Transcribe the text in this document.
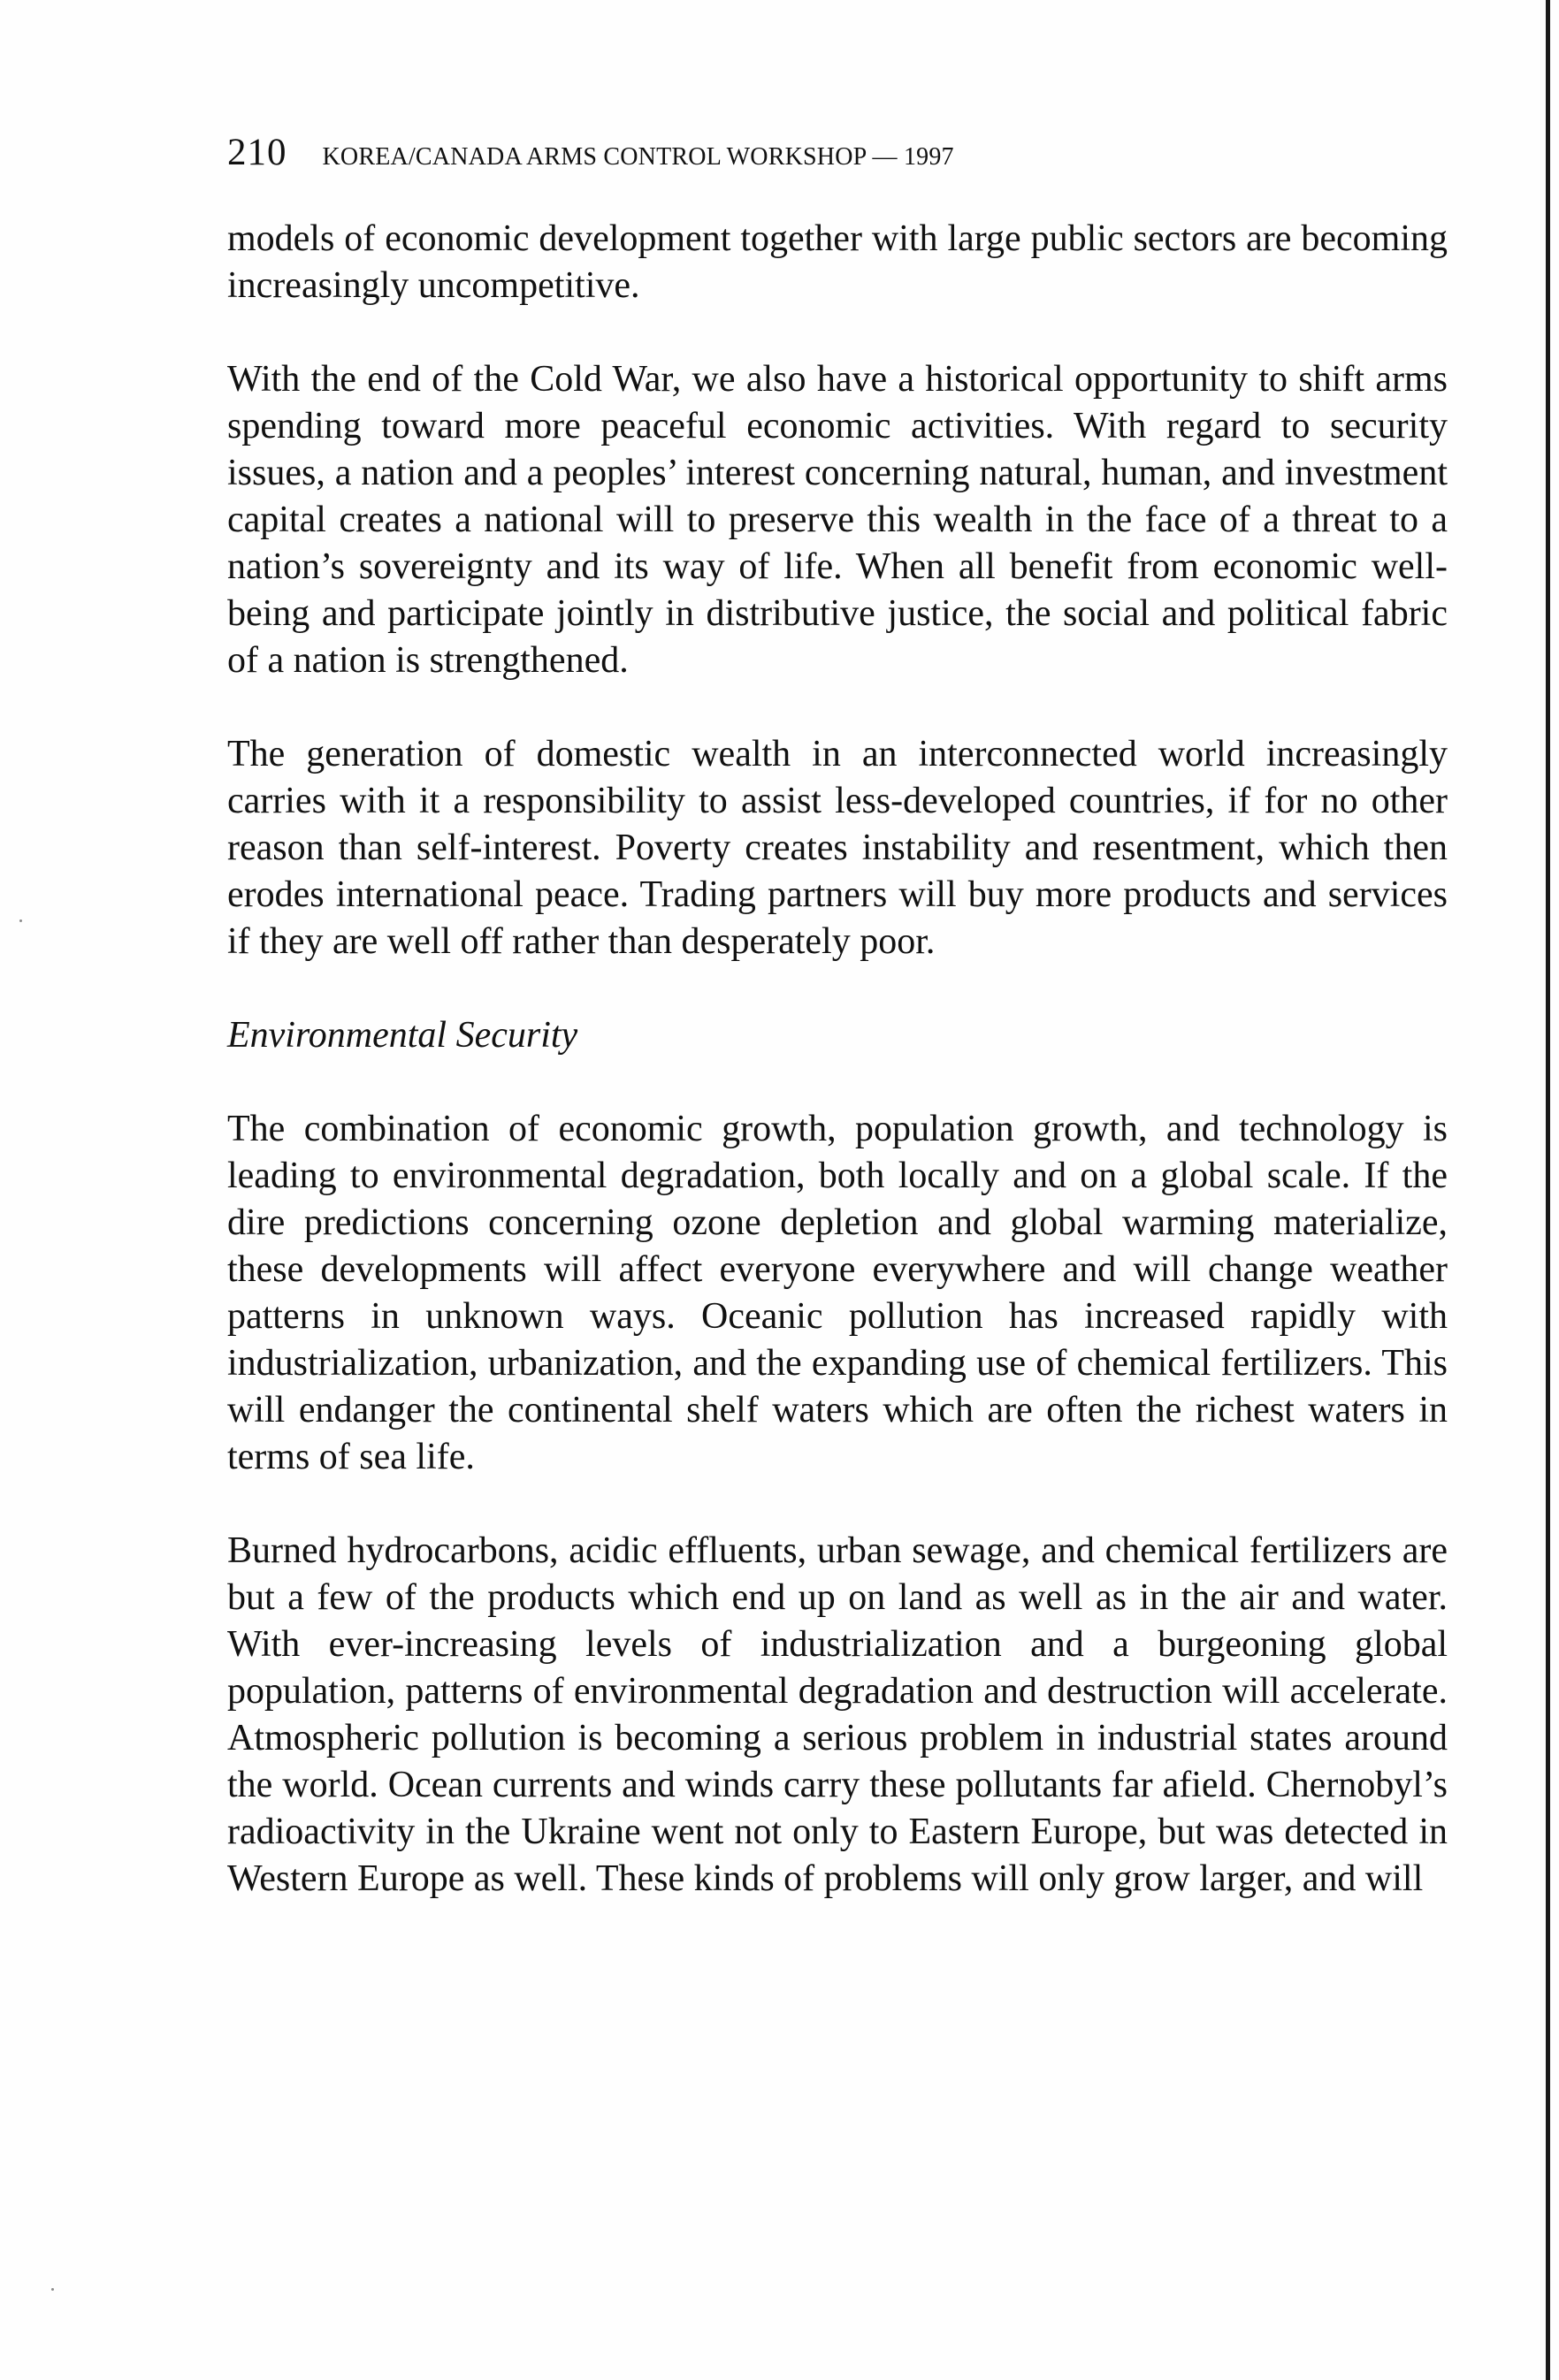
210 KOREA/CANADA ARMS CONTROL WORKSHOP — 1997

models of economic development together with large public sectors are becoming increasingly uncompetitive.

With the end of the Cold War, we also have a historical opportunity to shift arms spending toward more peaceful economic activities. With regard to security issues, a nation and a peoples’ interest concerning natural, human, and investment capital creates a national will to preserve this wealth in the face of a threat to a nation’s sovereignty and its way of life. When all benefit from economic well-being and participate jointly in distributive justice, the social and political fabric of a nation is strengthened.

The generation of domestic wealth in an interconnected world increasingly carries with it a responsibility to assist less-developed countries, if for no other reason than self-interest. Poverty creates instability and resentment, which then erodes international peace. Trading partners will buy more products and services if they are well off rather than desperately poor.

Environmental Security

The combination of economic growth, population growth, and technology is leading to environmental degradation, both locally and on a global scale. If the dire predictions concerning ozone depletion and global warming materialize, these developments will affect everyone everywhere and will change weather patterns in unknown ways. Oceanic pollution has increased rapidly with industrialization, urbanization, and the expanding use of chemical fertilizers. This will endanger the continental shelf waters which are often the richest waters in terms of sea life.

Burned hydrocarbons, acidic effluents, urban sewage, and chemical fertilizers are but a few of the products which end up on land as well as in the air and water. With ever-increasing levels of industrialization and a burgeoning global population, patterns of environmental degradation and destruction will accelerate. Atmospheric pollution is becoming a serious problem in industrial states around the world. Ocean currents and winds carry these pollutants far afield. Chernobyl’s radioactivity in the Ukraine went not only to Eastern Europe, but was detected in Western Europe as well. These kinds of problems will only grow larger, and will
